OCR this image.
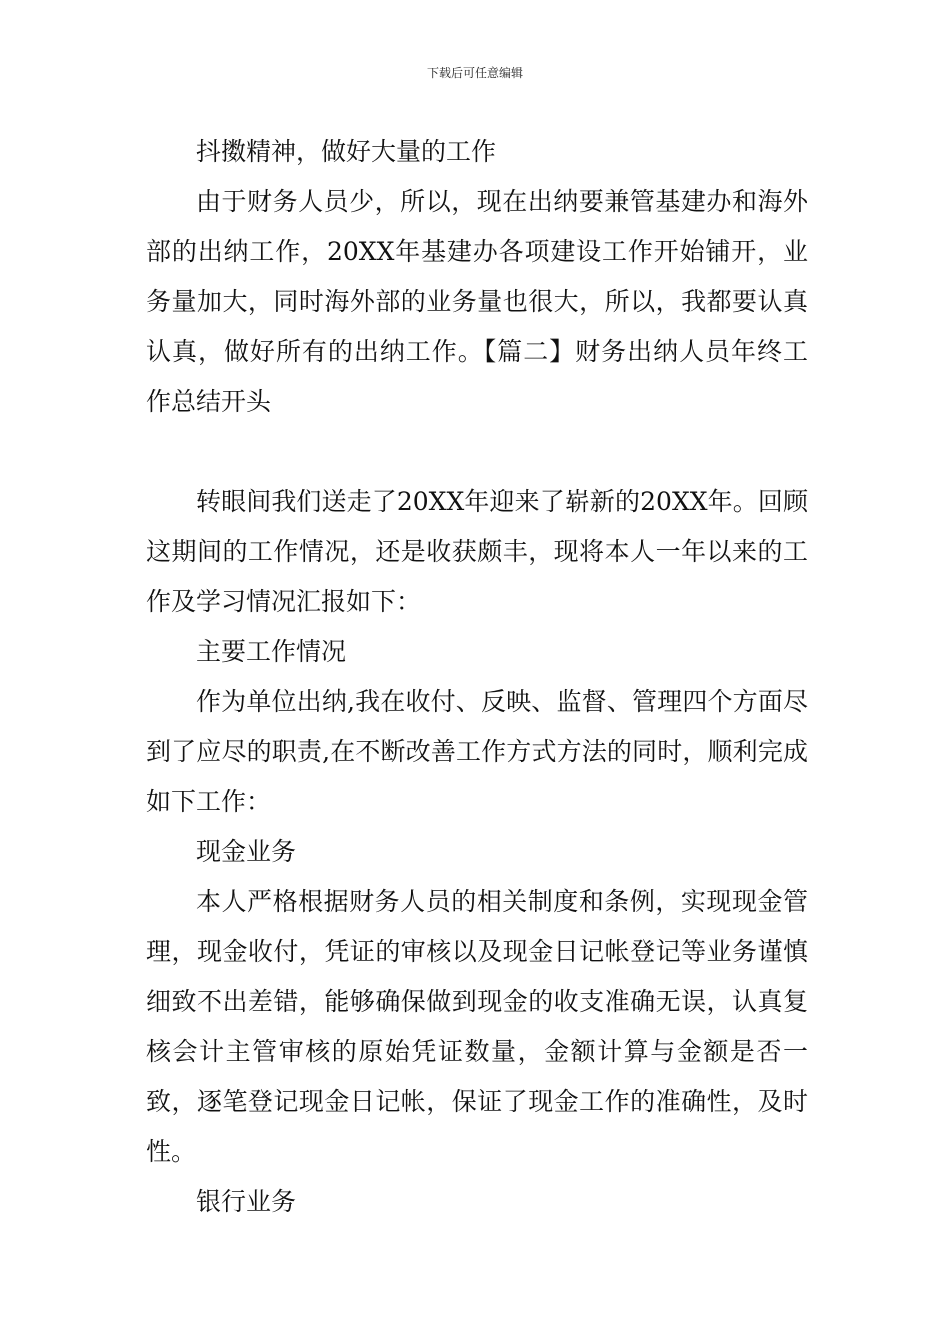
下载后可任意编辑

抖擞精神，做好大量的工作

由于财务人员少，所以，现在出纳要兼管基建办和海外部的出纳工作，20XX年基建办各项建设工作开始铺开，业务量加大，同时海外部的业务量也很大，所以，我都要认真认真，做好所有的出纳工作。【篇二】财务出纳人员年终工作总结开头

转眼间我们送走了20XX年迎来了崭新的20XX年。回顾这期间的工作情况，还是收获颇丰，现将本人一年以来的工作及学习情况汇报如下：

主要工作情况

作为单位出纳,我在收付、反映、监督、管理四个方面尽到了应尽的职责,在不断改善工作方式方法的同时，顺利完成如下工作：

现金业务

本人严格根据财务人员的相关制度和条例，实现现金管理，现金收付，凭证的审核以及现金日记帐登记等业务谨慎细致不出差错，能够确保做到现金的收支准确无误，认真复核会计主管审核的原始凭证数量，金额计算与金额是否一致，逐笔登记现金日记帐，保证了现金工作的准确性，及时性。

银行业务
